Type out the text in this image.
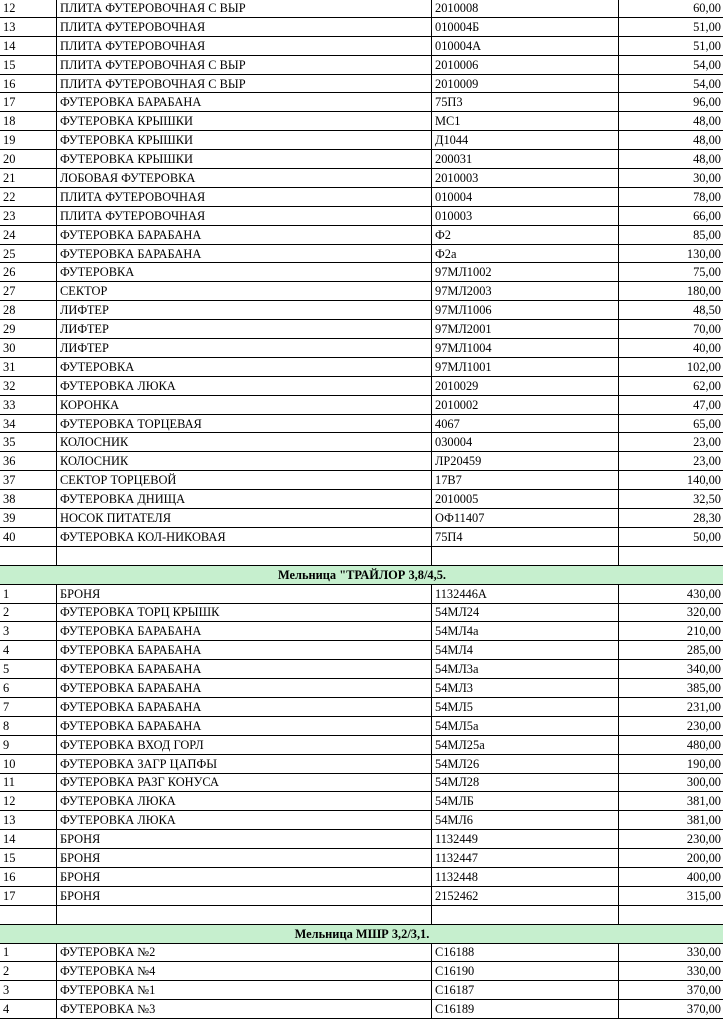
12	ПЛИТА ФУТЕРОВОЧНАЯ С ВЫР	2010008	60,00
13	ПЛИТА ФУТЕРОВОЧНАЯ	010004Б	51,00
14	ПЛИТА ФУТЕРОВОЧНАЯ	010004А	51,00
15	ПЛИТА ФУТЕРОВОЧНАЯ С ВЫР	2010006	54,00
16	ПЛИТА ФУТЕРОВОЧНАЯ С ВЫР	2010009	54,00
17	ФУТЕРОВКА БАРАБАНА	75П3	96,00
18	ФУТЕРОВКА КРЫШКИ	МС1	48,00
19	ФУТЕРОВКА КРЫШКИ	Д1044	48,00
20	ФУТЕРОВКА КРЫШКИ	200031	48,00
21	ЛОБОВАЯ ФУТЕРОВКА	2010003	30,00
22	ПЛИТА ФУТЕРОВОЧНАЯ	010004	78,00
23	ПЛИТА ФУТЕРОВОЧНАЯ	010003	66,00
24	ФУТЕРОВКА БАРАБАНА	Ф2	85,00
25	ФУТЕРОВКА БАРАБАНА	Ф2а	130,00
26	ФУТЕРОВКА	97МЛ1002	75,00
27	СЕКТОР	97МЛ2003	180,00
28	ЛИФТЕР	97МЛ1006	48,50
29	ЛИФТЕР	97МЛ2001	70,00
30	ЛИФТЕР	97МЛ1004	40,00
31	ФУТЕРОВКА	97МЛ1001	102,00
32	ФУТЕРОВКА ЛЮКА	2010029	62,00
33	КОРОНКА	2010002	47,00
34	ФУТЕРОВКА ТОРЦЕВАЯ	4067	65,00
35	КОЛОСНИК	030004	23,00
36	КОЛОСНИК	ЛР20459	23,00
37	СЕКТОР ТОРЦЕВОЙ	17В7	140,00
38	ФУТЕРОВКА ДНИЩА	2010005	32,50
39	НОСОК ПИТАТЕЛЯ	ОФ11407	28,30
40	ФУТЕРОВКА КОЛ-НИКОВАЯ	75П4	50,00

Мельница "ТРАЙЛОР 3,8/4,5.			
1	БРОНЯ	1132446А	430,00
2	ФУТЕРОВКА ТОРЦ КРЫШК	54МЛ24	320,00
3	ФУТЕРОВКА БАРАБАНА	54МЛ4а	210,00
4	ФУТЕРОВКА БАРАБАНА	54МЛ4	285,00
5	ФУТЕРОВКА БАРАБАНА	54МЛ3а	340,00
6	ФУТЕРОВКА БАРАБАНА	54МЛ3	385,00
7	ФУТЕРОВКА БАРАБАНА	54МЛ5	231,00
8	ФУТЕРОВКА БАРАБАНА	54МЛ5а	230,00
9	ФУТЕРОВКА ВХОД ГОРЛ	54МЛ25а	480,00
10	ФУТЕРОВКА ЗАГР ЦАПФЫ	54МЛ26	190,00
11	ФУТЕРОВКА РАЗГ КОНУСА	54МЛ28	300,00
12	ФУТЕРОВКА ЛЮКА	54МЛБ	381,00
13	ФУТЕРОВКА ЛЮКА	54МЛ6	381,00
14	БРОНЯ	1132449	230,00
15	БРОНЯ	1132447	200,00
16	БРОНЯ	1132448	400,00
17	БРОНЯ	2152462	315,00

Мельница МШР 3,2/3,1.			
1	ФУТЕРОВКА №2	С16188	330,00
2	ФУТЕРОВКА №4	С16190	330,00
3	ФУТЕРОВКА №1	С16187	370,00
4	ФУТЕРОВКА №3	С16189	370,00
